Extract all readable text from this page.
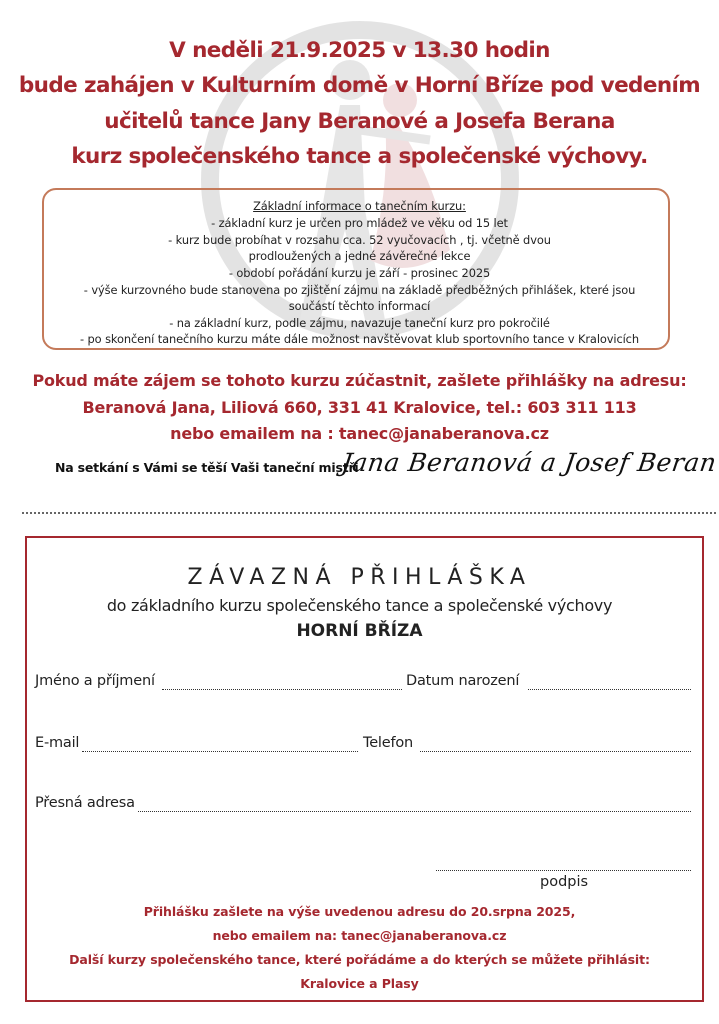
V neděli 21.9.2025 v 13.30 hodin
bude zahájen v Kulturním domě v Horní Bříze pod vedením
učitelů tance Jany Beranové a Josefa Berana
kurz společenského tance a společenské výchovy.
Základní informace o tanečním kurzu:
- základní kurz je určen pro mládež ve věku od 15 let
- kurz bude probíhat v rozsahu cca. 52 vyučovacích , tj. včetně dvou
prodloužených a jedné závěrečné lekce
- období pořádání kurzu je září - prosinec 2025
- výše kurzovného bude stanovena po zjištění zájmu na základě předběžných přihlášek, které jsou
součástí těchto informací
- na základní kurz, podle zájmu, navazuje taneční kurz pro pokročilé
- po skončení tanečního kurzu máte dále možnost navštěvovat klub sportovního tance v Kralovicích
Pokud máte zájem se tohoto kurzu zúčastnit, zašlete přihlášky na adresu:
Beranová Jana, Liliová 660, 331 41 Kralovice, tel.: 603 311 113
nebo emailem na : tanec@janaberanova.cz
Na setkání s Vámi se těší Vaši taneční mistři
Jana Beranová a Josef Beran
ZÁVAZNÁ PŘIHLÁŠKA
do základního kurzu společenského tance a společenské výchovy
HORNÍ BŘÍZA
Jméno a příjmení	Datum narození
E-mail	Telefon
Přesná adresa
podpis
Přihlášku zašlete na výše uvedenou adresu do 20.srpna 2025,
nebo emailem na: tanec@janaberanova.cz
Další kurzy společenského tance, které pořádáme a do kterých se můžete přihlásit:
Kralovice a Plasy
